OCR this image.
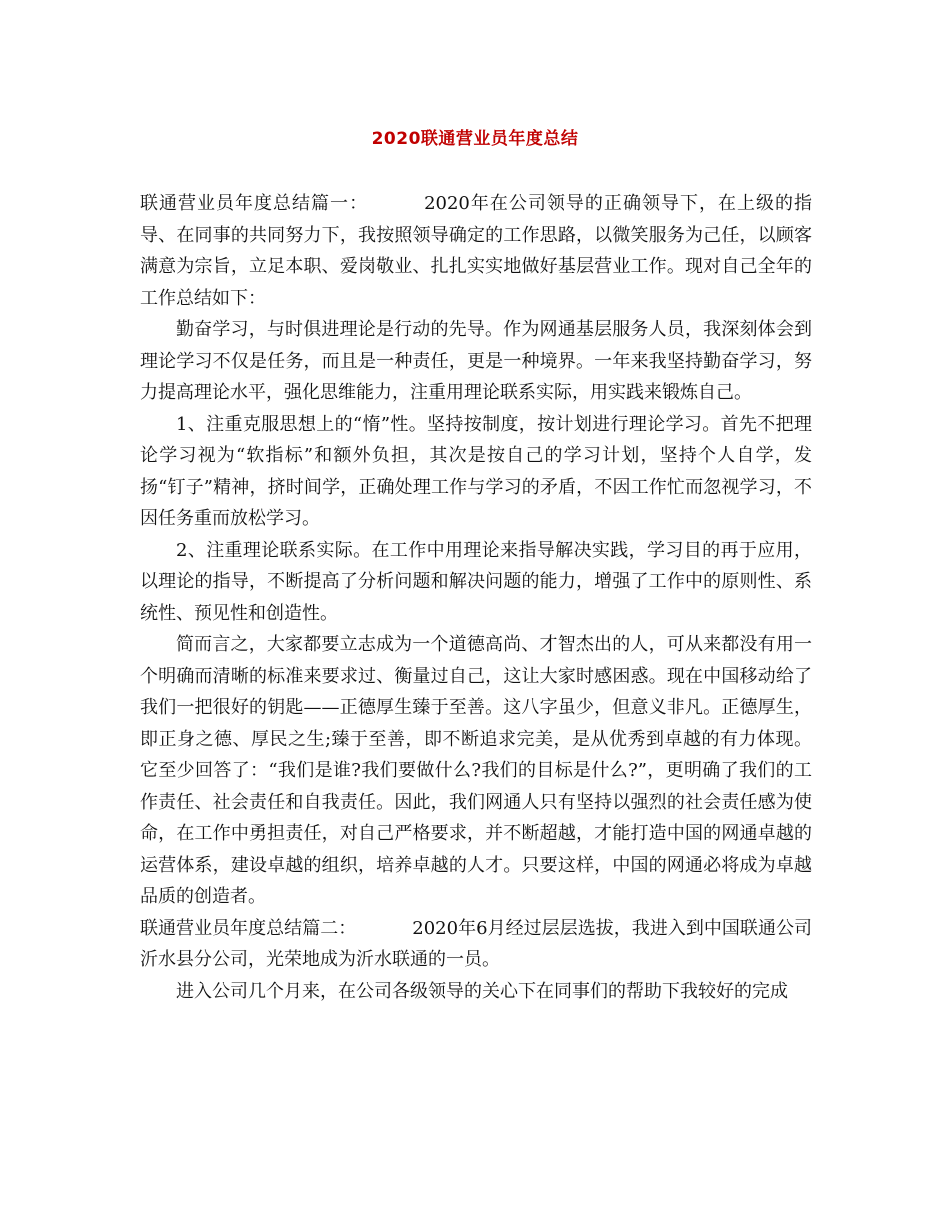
2020联通营业员年度总结

联通营业员年度总结篇一：	2020年在公司领导的正确领导下，在上级的指导、在同事的共同努力下，我按照领导确定的工作思路，以微笑服务为己任，以顾客满意为宗旨，立足本职、爱岗敬业、扎扎实实地做好基层营业工作。现对自己全年的工作总结如下：

勤奋学习，与时俱进理论是行动的先导。作为网通基层服务人员，我深刻体会到理论学习不仅是任务，而且是一种责任，更是一种境界。一年来我坚持勤奋学习，努力提高理论水平，强化思维能力，注重用理论联系实际，用实践来锻炼自己。

1、注重克服思想上的“惰”性。坚持按制度，按计划进行理论学习。首先不把理论学习视为“软指标”和额外负担，其次是按自己的学习计划，坚持个人自学，发扬“钉子”精神，挤时间学，正确处理工作与学习的矛盾，不因工作忙而忽视学习，不因任务重而放松学习。

2、注重理论联系实际。在工作中用理论来指导解决实践，学习目的再于应用，以理论的指导，不断提高了分析问题和解决问题的能力，增强了工作中的原则性、系统性、预见性和创造性。

简而言之，大家都要立志成为一个道德高尚、才智杰出的人，可从来都没有用一个明确而清晰的标准来要求过、衡量过自己，这让大家时感困惑。现在中国移动给了我们一把很好的钥匙——正德厚生臻于至善。这八字虽少，但意义非凡。正德厚生，即正身之德、厚民之生;臻于至善，即不断追求完美，是从优秀到卓越的有力体现。它至少回答了：“我们是谁?我们要做什么?我们的目标是什么?”，更明确了我们的工作责任、社会责任和自我责任。因此，我们网通人只有坚持以强烈的社会责任感为使命，在工作中勇担责任，对自己严格要求，并不断超越，才能打造中国的网通卓越的运营体系，建设卓越的组织，培养卓越的人才。只要这样，中国的网通必将成为卓越品质的创造者。

联通营业员年度总结篇二：	2020年6月经过层层选拔，我进入到中国联通公司沂水县分公司，光荣地成为沂水联通的一员。

进入公司几个月来，在公司各级领导的关心下在同事们的帮助下我较好的完成
